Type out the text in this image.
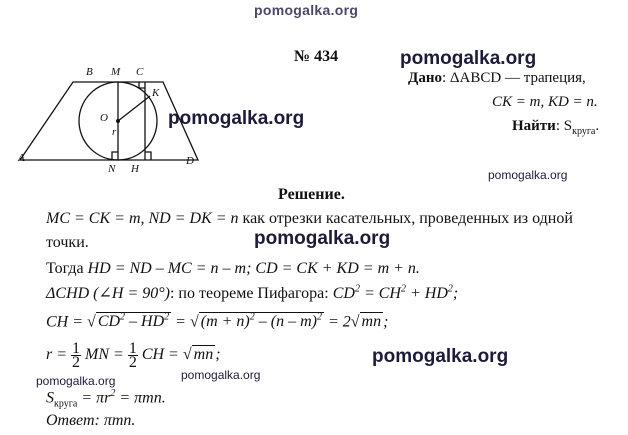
pomogalka.org
pomogalka.org
pomogalka.org
pomogalka.org
pomogalka.org
pomogalka.org
pomogalka.org	pomogalka.org
№ 434
B M C
K
O
r
A
N H
D
Дано: ΔABCD — трапеция,
CK = m, KD = n.
Найти: $S_{круга}$.
Решение.
MC = CK = m, ND = DK = n как отрезки касательных, проведенных из одной
точки.
Тогда HD = ND – MC = n – m; CD = CK + KD = m + n.
ΔCHD (∠H = 90°): по теореме Пифагора: $CD^2 = CH^2 + HD^2$;
CH = √ $CD^2 - HD^2$ = √ $(m + n)^2 - (n - m)^2 = 2√$ mn ;
$r = \frac{1}{2}$ MN = $\frac{1}{2}$ CH = √ mn ;
$S_{круга} = \pi r^2 = \pi mn$.
Ответ: πmn.
